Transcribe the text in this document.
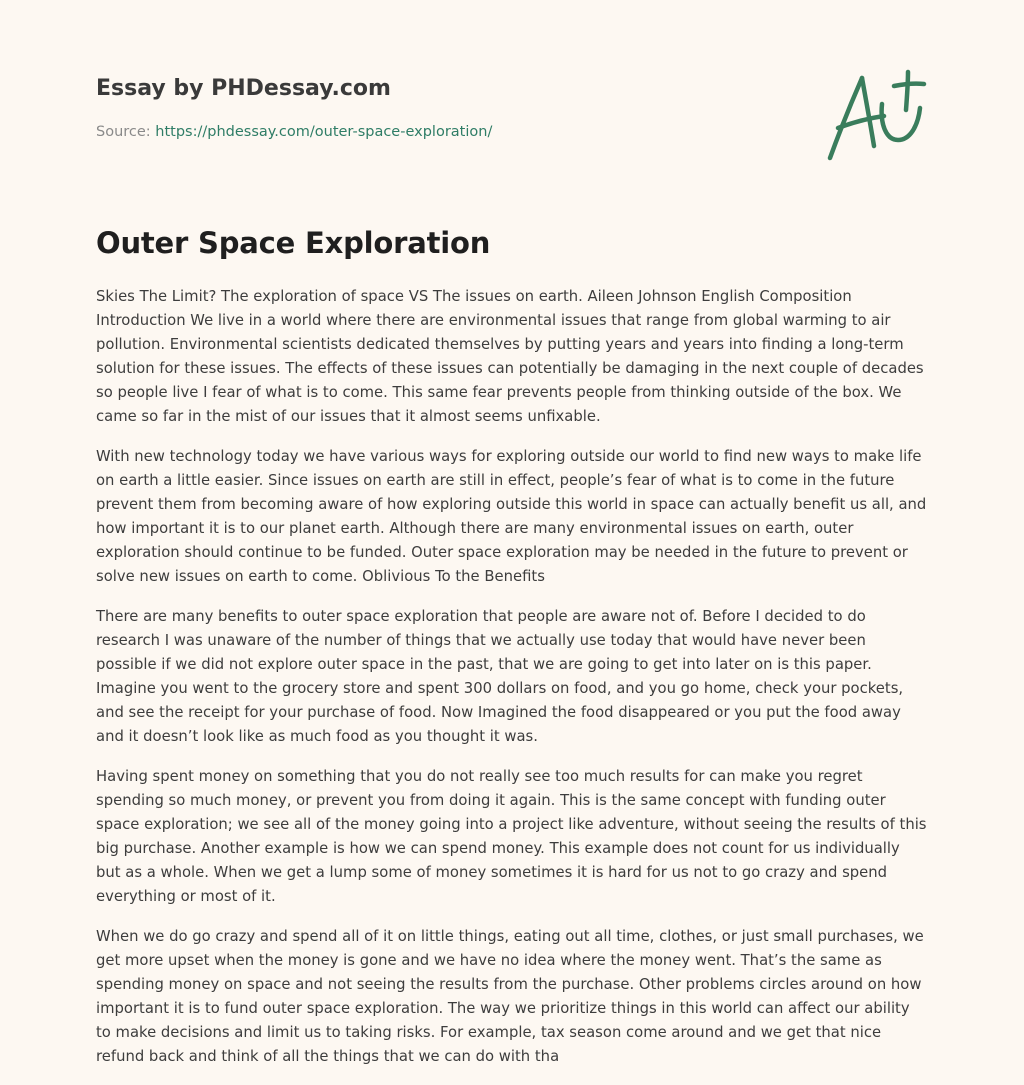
Essay by PHDessay.com
Source: https://phdessay.com/outer-space-exploration/
Outer Space Exploration

Skies The Limit? The exploration of space VS The issues on earth. Aileen Johnson English Composition Introduction We live in a world where there are environmental issues that range from global warming to air pollution. Environmental scientists dedicated themselves by putting years and years into finding a long-term solution for these issues. The effects of these issues can potentially be damaging in the next couple of decades so people live I fear of what is to come. This same fear prevents people from thinking outside of the box. We came so far in the mist of our issues that it almost seems unfixable.

With new technology today we have various ways for exploring outside our world to find new ways to make life on earth a little easier. Since issues on earth are still in effect, people’s fear of what is to come in the future prevent them from becoming aware of how exploring outside this world in space can actually benefit us all, and how important it is to our planet earth. Although there are many environmental issues on earth, outer exploration should continue to be funded. Outer space exploration may be needed in the future to prevent or solve new issues on earth to come. Oblivious To the Benefits

There are many benefits to outer space exploration that people are aware not of. Before I decided to do research I was unaware of the number of things that we actually use today that would have never been possible if we did not explore outer space in the past, that we are going to get into later on is this paper. Imagine you went to the grocery store and spent 300 dollars on food, and you go home, check your pockets, and see the receipt for your purchase of food. Now Imagined the food disappeared or you put the food away and it doesn’t look like as much food as you thought it was.

Having spent money on something that you do not really see too much results for can make you regret spending so much money, or prevent you from doing it again. This is the same concept with funding outer space exploration; we see all of the money going into a project like adventure, without seeing the results of this big purchase. Another example is how we can spend money. This example does not count for us individually but as a whole. When we get a lump some of money sometimes it is hard for us not to go crazy and spend everything or most of it.

When we do go crazy and spend all of it on little things, eating out all time, clothes, or just small purchases, we get more upset when the money is gone and we have no idea where the money went. That’s the same as spending money on space and not seeing the results from the purchase. Other problems circles around on how important it is to fund outer space exploration. The way we prioritize things in this world can affect our ability to make decisions and limit us to taking risks. For example, tax season come around and we get that nice refund back and think of all the things that we can do with tha
